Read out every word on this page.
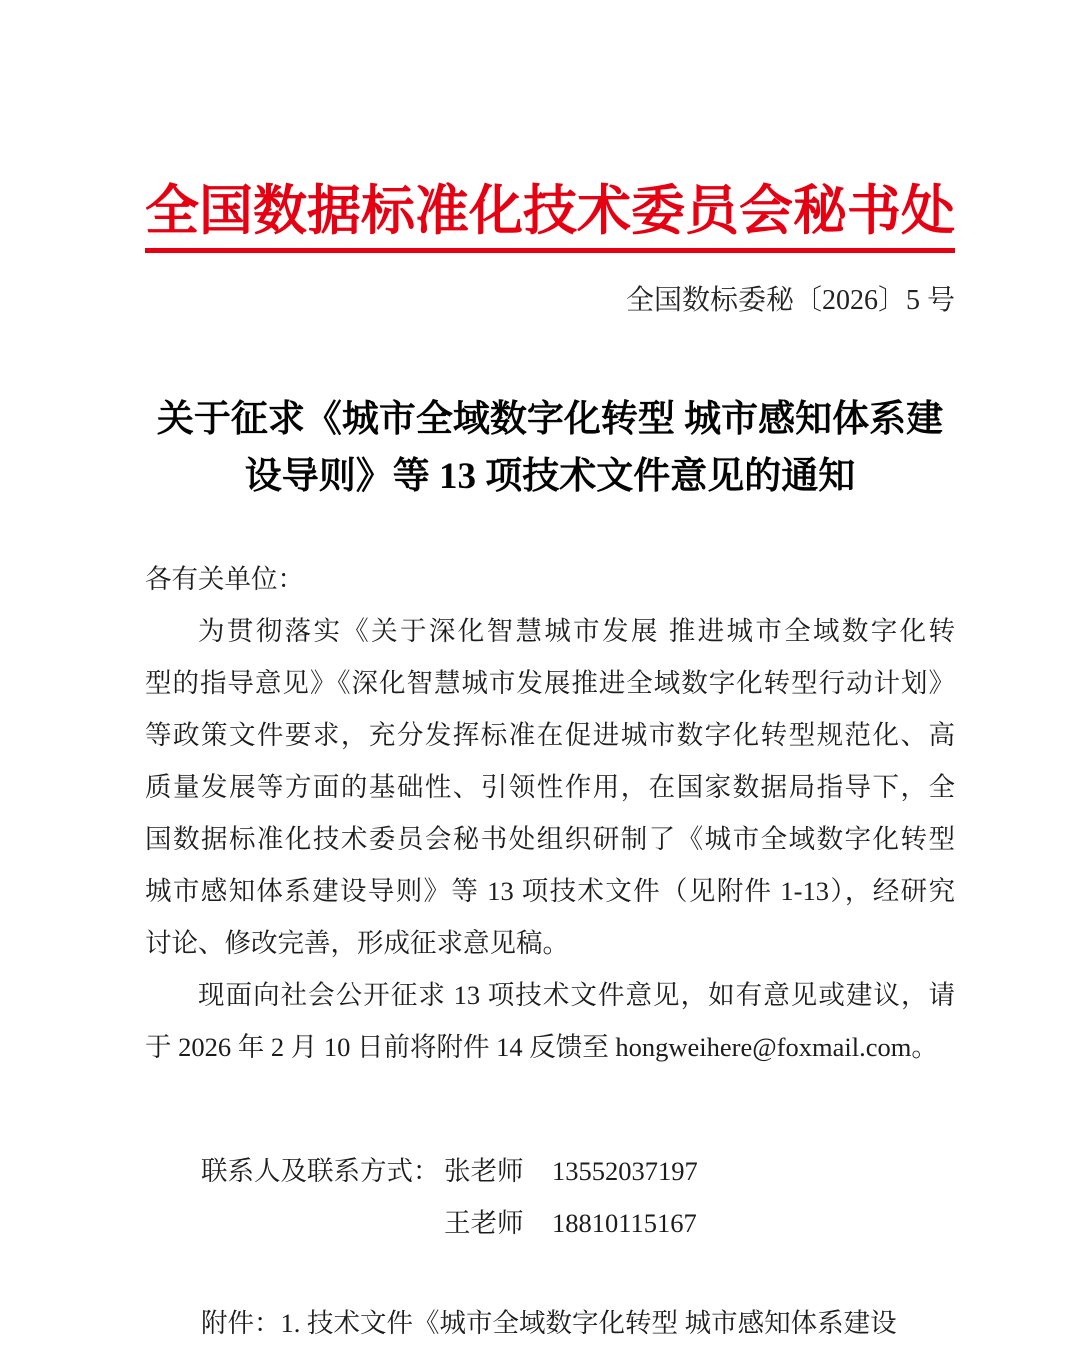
全国数据标准化技术委员会秘书处
全国数标委秘〔2026〕5 号
关于征求《城市全域数字化转型 城市感知体系建
设导则》等 13 项技术文件意见的通知
各有关单位：
为贯彻落实《关于深化智慧城市发展 推进城市全域数字化转
型的指导意见》《深化智慧城市发展推进全域数字化转型行动计划》
等政策文件要求，充分发挥标准在促进城市数字化转型规范化、高
质量发展等方面的基础性、引领性作用，在国家数据局指导下，全
国数据标准化技术委员会秘书处组织研制了《城市全域数字化转型
城市感知体系建设导则》等 13 项技术文件（见附件 1-13），经研究
讨论、修改完善，形成征求意见稿。
现面向社会公开征求 13 项技术文件意见，如有意见或建议，请
于 2026 年 2 月 10 日前将附件 14 反馈至 hongweihere@foxmail.com。
联系人及联系方式： 张老师 13552037197
王老师 18810115167
附件：1. 技术文件《城市全域数字化转型 城市感知体系建设
